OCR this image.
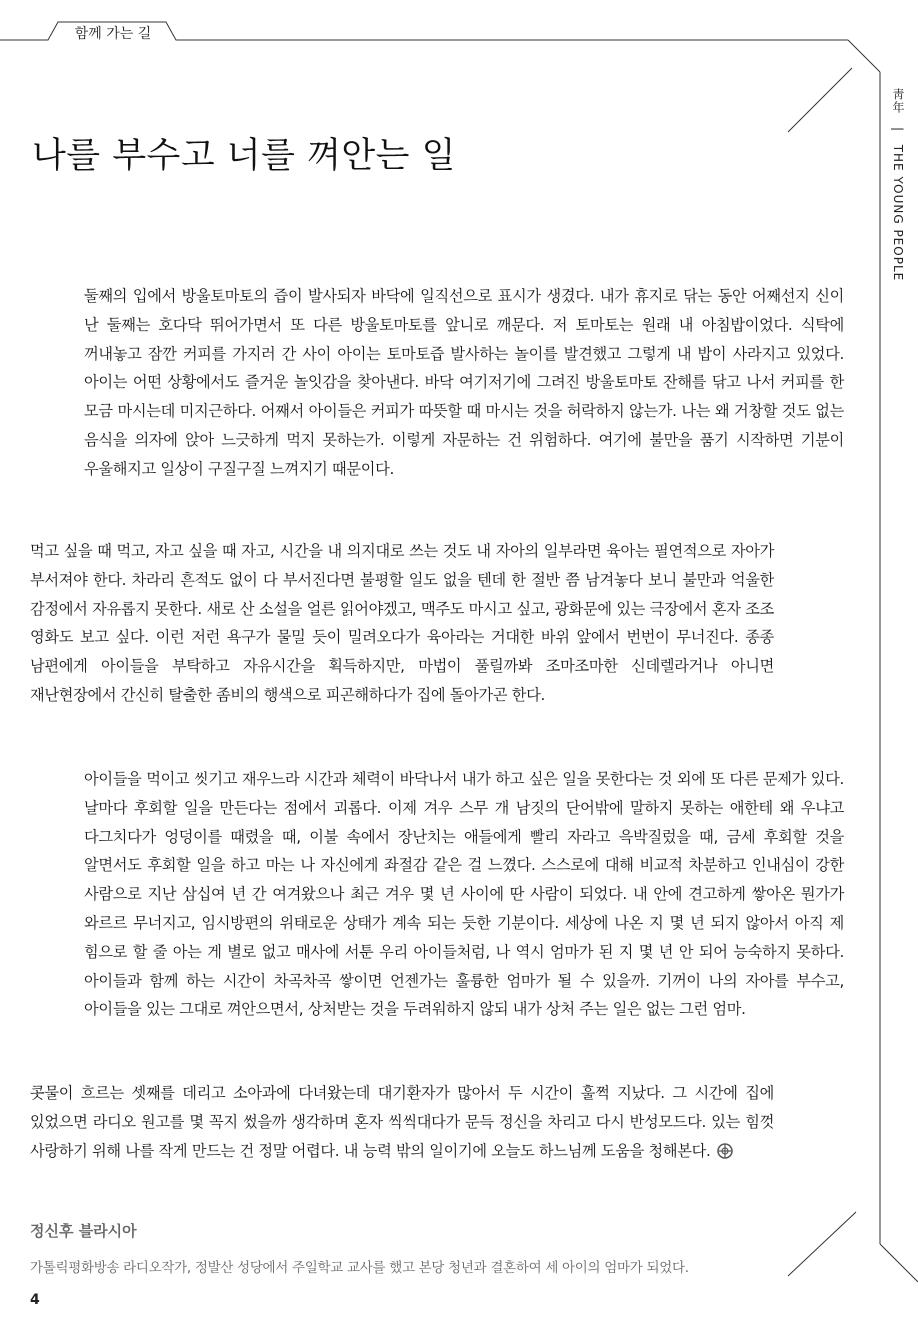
함께 가는 길
靑年 | THE YOUNG PEOPLE
나를 부수고 너를 껴안는 일

둘째의 입에서 방울토마토의 즙이 발사되자 바닥에 일직선으로 표시가 생겼다. 내가 휴지로 닦는 동안 어째선지 신이 난 둘째는 호다닥 뛰어가면서 또 다른 방울토마토를 앞니로 깨문다. 저 토마토는 원래 내 아침밥이었다. 식탁에 꺼내놓고 잠깐 커피를 가지러 간 사이 아이는 토마토즙 발사하는 놀이를 발견했고 그렇게 내 밥이 사라지고 있었다. 아이는 어떤 상황에서도 즐거운 놀잇감을 찾아낸다. 바닥 여기저기에 그려진 방울토마토 잔해를 닦고 나서 커피를 한 모금 마시는데 미지근하다. 어째서 아이들은 커피가 따뜻할 때 마시는 것을 허락하지 않는가. 나는 왜 거창할 것도 없는 음식을 의자에 앉아 느긋하게 먹지 못하는가. 이렇게 자문하는 건 위험하다. 여기에 불만을 품기 시작하면 기분이 우울해지고 일상이 구질구질 느껴지기 때문이다.

먹고 싶을 때 먹고, 자고 싶을 때 자고, 시간을 내 의지대로 쓰는 것도 내 자아의 일부라면 육아는 필연적으로 자아가 부서져야 한다. 차라리 흔적도 없이 다 부서진다면 불평할 일도 없을 텐데 한 절반 쯤 남겨놓다 보니 불만과 억울한 감정에서 자유롭지 못한다. 새로 산 소설을 얼른 읽어야겠고, 맥주도 마시고 싶고, 광화문에 있는 극장에서 혼자 조조 영화도 보고 싶다. 이런 저런 욕구가 물밀 듯이 밀려오다가 육아라는 거대한 바위 앞에서 번번이 무너진다. 종종 남편에게 아이들을 부탁하고 자유시간을 획득하지만, 마법이 풀릴까봐 조마조마한 신데렐라거나 아니면 재난현장에서 간신히 탈출한 좀비의 행색으로 피곤해하다가 집에 돌아가곤 한다.

아이들을 먹이고 씻기고 재우느라 시간과 체력이 바닥나서 내가 하고 싶은 일을 못한다는 것 외에 또 다른 문제가 있다. 날마다 후회할 일을 만든다는 점에서 괴롭다. 이제 겨우 스무 개 남짓의 단어밖에 말하지 못하는 애한테 왜 우냐고 다그치다가 엉덩이를 때렸을 때, 이불 속에서 장난치는 애들에게 빨리 자라고 윽박질렀을 때, 금세 후회할 것을 알면서도 후회할 일을 하고 마는 나 자신에게 좌절감 같은 걸 느꼈다. 스스로에 대해 비교적 차분하고 인내심이 강한 사람으로 지난 삼십여 년 간 여겨왔으나 최근 겨우 몇 년 사이에 딴 사람이 되었다. 내 안에 견고하게 쌓아온 뭔가가 와르르 무너지고, 임시방편의 위태로운 상태가 계속 되는 듯한 기분이다. 세상에 나온 지 몇 년 되지 않아서 아직 제 힘으로 할 줄 아는 게 별로 없고 매사에 서툰 우리 아이들처럼, 나 역시 엄마가 된 지 몇 년 안 되어 능숙하지 못하다. 아이들과 함께 하는 시간이 차곡차곡 쌓이면 언젠가는 훌륭한 엄마가 될 수 있을까. 기꺼이 나의 자아를 부수고, 아이들을 있는 그대로 껴안으면서, 상처받는 것을 두려워하지 않되 내가 상처 주는 일은 없는 그런 엄마.

콧물이 흐르는 셋째를 데리고 소아과에 다녀왔는데 대기환자가 많아서 두 시간이 훌쩍 지났다. 그 시간에 집에 있었으면 라디오 원고를 몇 꼭지 썼을까 생각하며 혼자 씩씩대다가 문득 정신을 차리고 다시 반성모드다. 있는 힘껏 사랑하기 위해 나를 작게 만드는 건 정말 어렵다. 내 능력 밖의 일이기에 오늘도 하느님께 도움을 청해본다.

정신후 블라시아

가톨릭평화방송 라디오작가, 정발산 성당에서 주일학교 교사를 했고 본당 청년과 결혼하여 세 아이의 엄마가 되었다.

4
